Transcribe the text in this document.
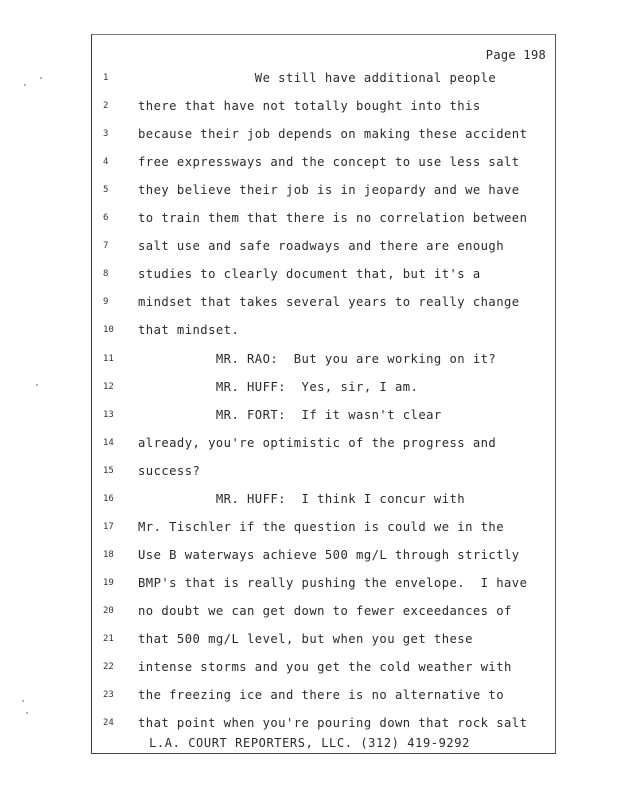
Page 198
1	We still have additional people
2	there that have not totally bought into this
3	because their job depends on making these accident
4	free expressways and the concept to use less salt
5	they believe their job is in jeopardy and we have
6	to train them that there is no correlation between
7	salt use and safe roadways and there are enough
8	studies to clearly document that, but it's a
9	mindset that takes several years to really change
10	that mindset.
11	MR. RAO:  But you are working on it?
12	MR. HUFF:  Yes, sir, I am.
13	MR. FORT:  If it wasn't clear
14	already, you're optimistic of the progress and
15	success?
16	MR. HUFF:  I think I concur with
17	Mr. Tischler if the question is could we in the
18	Use B waterways achieve 500 mg/L through strictly
19	BMP's that is really pushing the envelope.  I have
20	no doubt we can get down to fewer exceedances of
21	that 500 mg/L level, but when you get these
22	intense storms and you get the cold weather with
23	the freezing ice and there is no alternative to
24	that point when you're pouring down that rock salt
L.A. COURT REPORTERS, LLC. (312) 419-9292
